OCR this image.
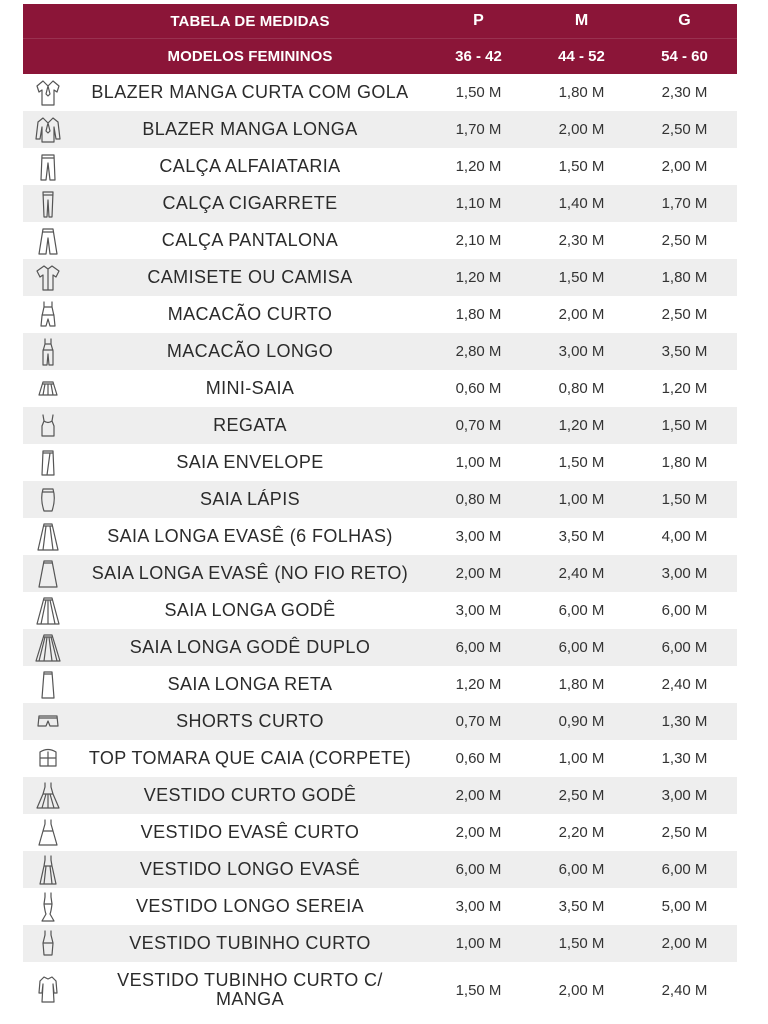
TABELA DE MEDIDAS	P	M	G
MODELOS FEMININOS	36 - 42	44 - 52	54 - 60
BLAZER MANGA CURTA COM GOLA	1,50 M	1,80 M	2,30 M
BLAZER MANGA LONGA	1,70 M	2,00 M	2,50 M
CALÇA ALFAIATARIA	1,20 M	1,50 M	2,00 M
CALÇA CIGARRETE	1,10 M	1,40 M	1,70 M
CALÇA PANTALONA	2,10 M	2,30 M	2,50 M
CAMISETE OU CAMISA	1,20 M	1,50 M	1,80 M
MACACÃO CURTO	1,80 M	2,00 M	2,50 M
MACACÃO LONGO	2,80 M	3,00 M	3,50 M
MINI-SAIA	0,60 M	0,80 M	1,20 M
REGATA	0,70 M	1,20 M	1,50 M
SAIA ENVELOPE	1,00 M	1,50 M	1,80 M
SAIA LÁPIS	0,80 M	1,00 M	1,50 M
SAIA LONGA EVASÊ (6 FOLHAS)	3,00 M	3,50 M	4,00 M
SAIA LONGA EVASÊ (NO FIO RETO)	2,00 M	2,40 M	3,00 M
SAIA LONGA GODÊ	3,00 M	6,00 M	6,00 M
SAIA LONGA GODÊ DUPLO	6,00 M	6,00 M	6,00 M
SAIA LONGA RETA	1,20 M	1,80 M	2,40 M
SHORTS CURTO	0,70 M	0,90 M	1,30 M
TOP TOMARA QUE CAIA (CORPETE)	0,60 M	1,00 M	1,30 M
VESTIDO CURTO GODÊ	2,00 M	2,50 M	3,00 M
VESTIDO EVASÊ CURTO	2,00 M	2,20 M	2,50 M
VESTIDO LONGO EVASÊ	6,00 M	6,00 M	6,00 M
VESTIDO LONGO SEREIA	3,00 M	3,50 M	5,00 M
VESTIDO TUBINHO CURTO	1,00 M	1,50 M	2,00 M
VESTIDO TUBINHO CURTO C/ MANGA	1,50 M	2,00 M	2,40 M
